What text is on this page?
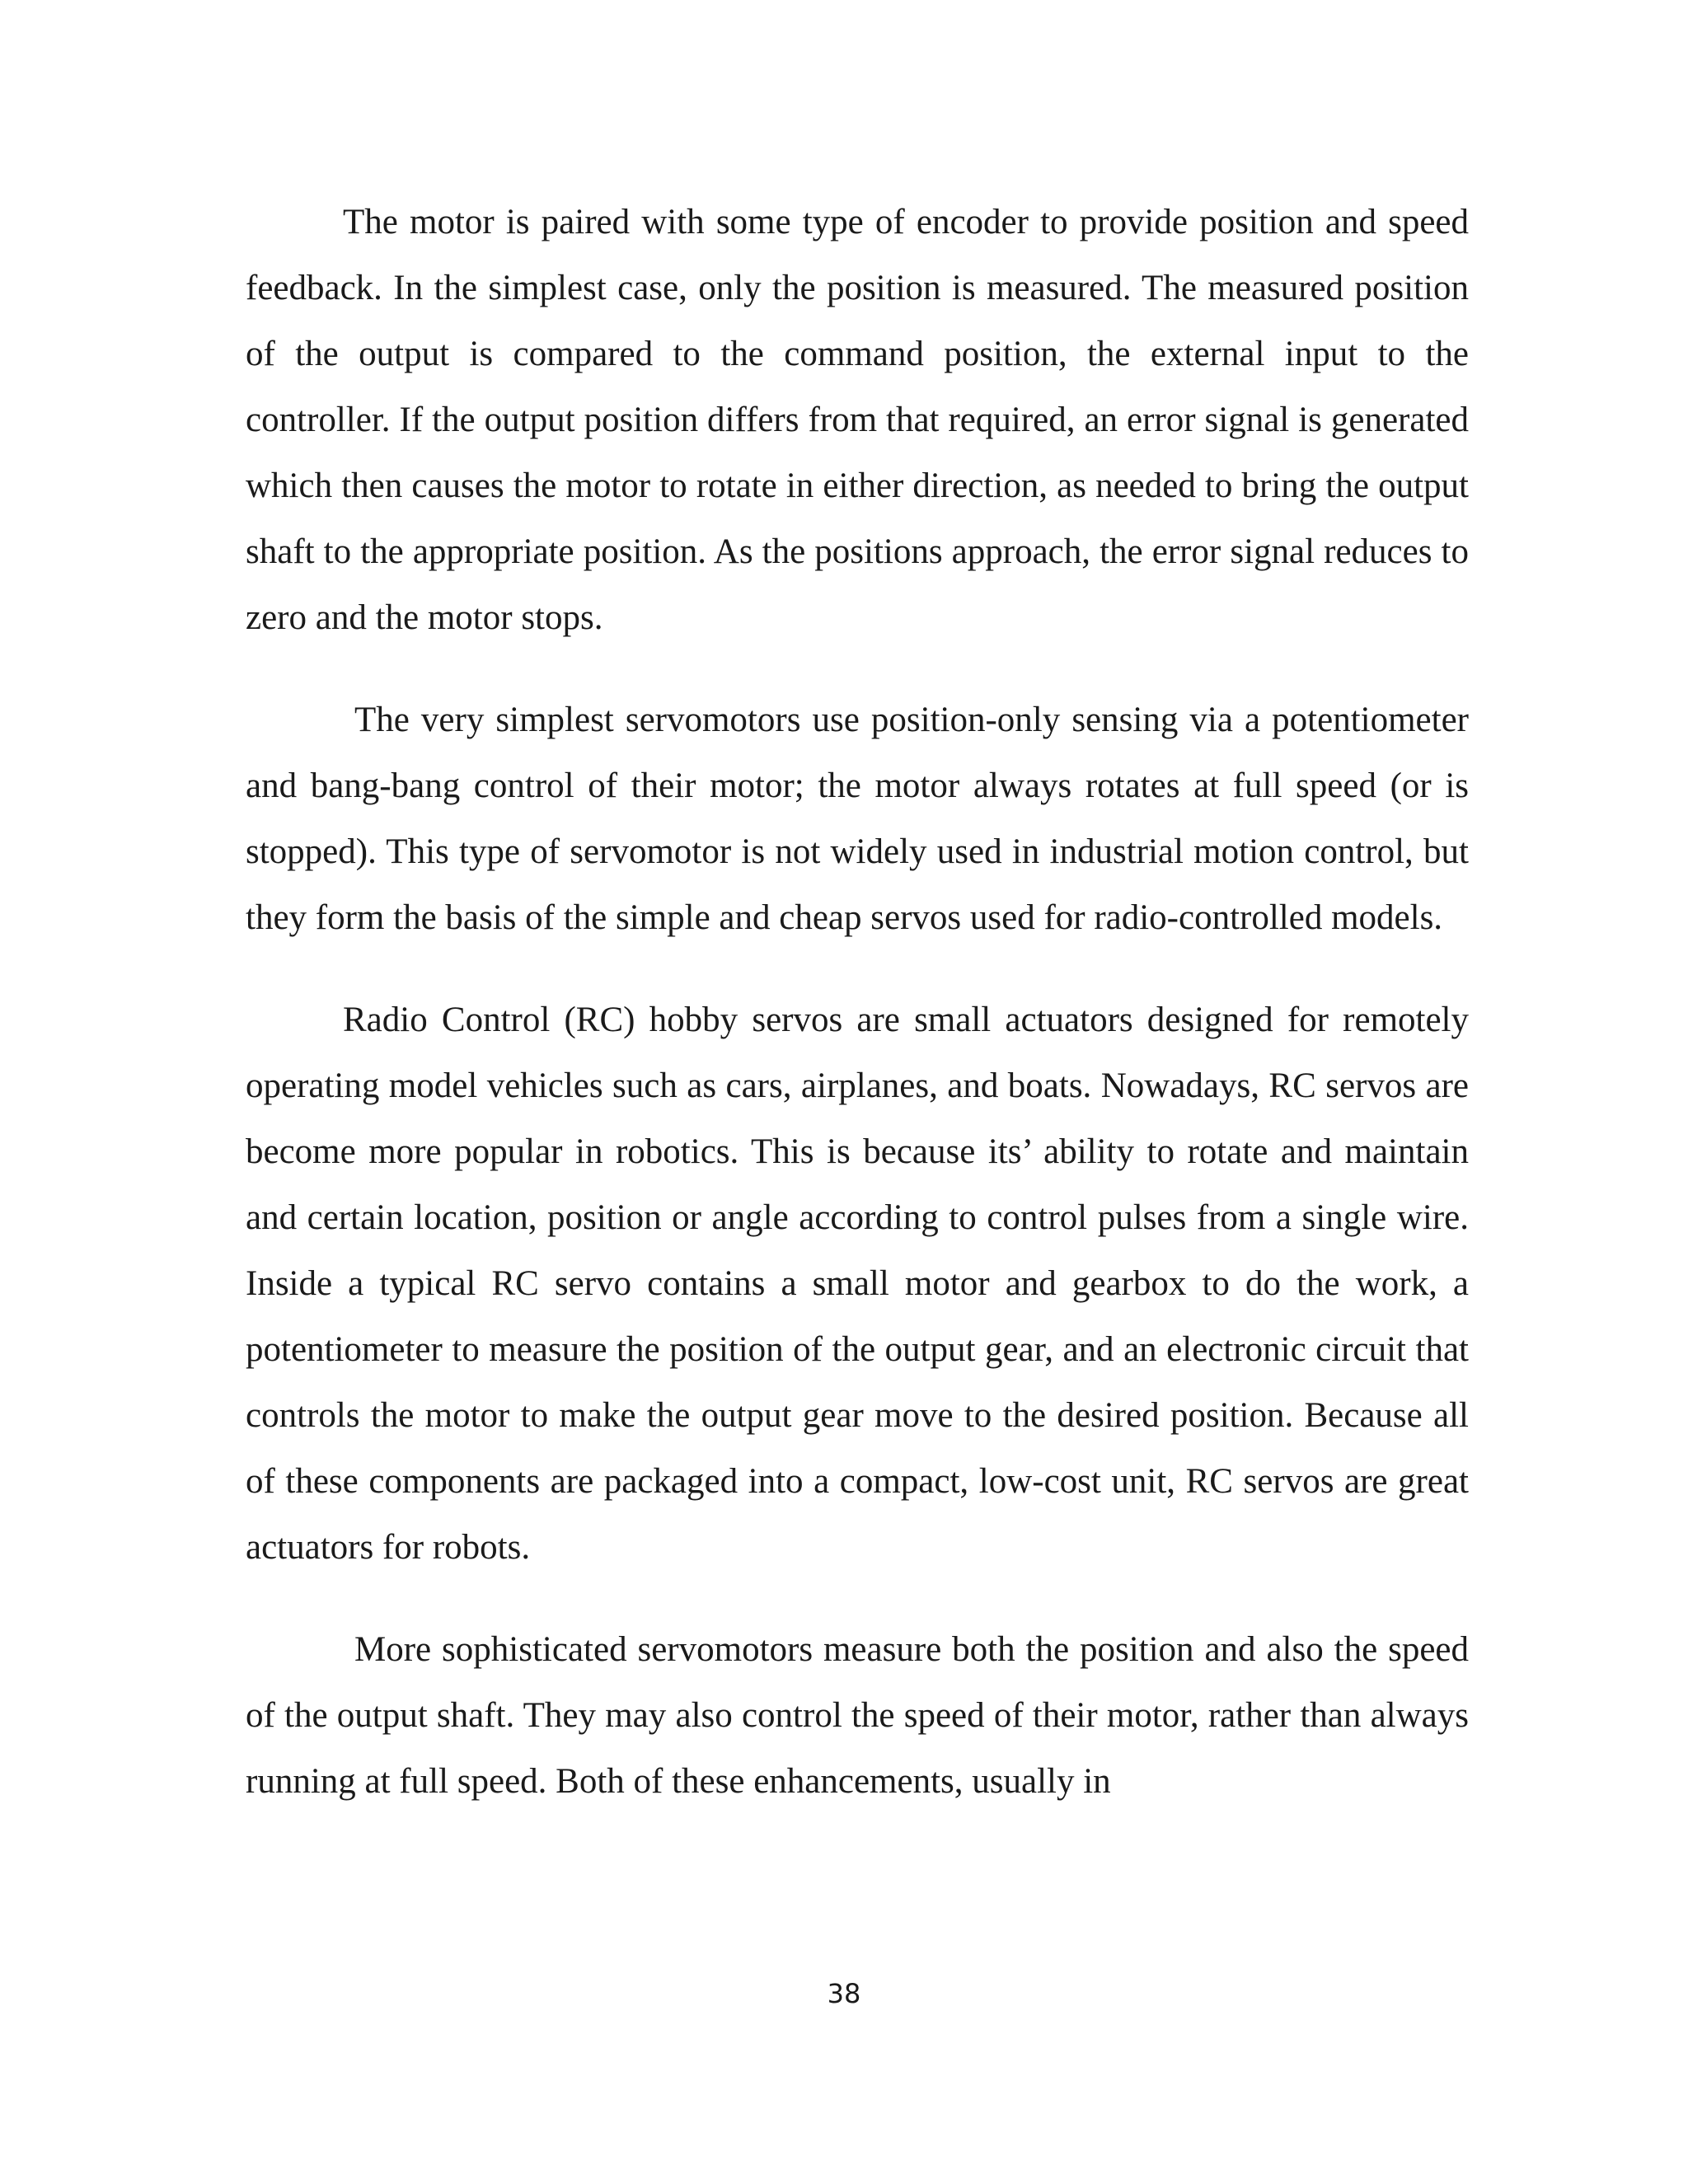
The motor is paired with some type of encoder to provide position and speed feedback. In the simplest case, only the position is measured. The measured position of the output is compared to the command position, the external input to the controller. If the output position differs from that required, an error signal is generated which then causes the motor to rotate in either direction, as needed to bring the output shaft to the appropriate position. As the positions approach, the error signal reduces to zero and the motor stops.

The very simplest servomotors use position-only sensing via a potentiometer and bang-bang control of their motor; the motor always rotates at full speed (or is stopped). This type of servomotor is not widely used in industrial motion control, but they form the basis of the simple and cheap servos used for radio-controlled models.

Radio Control (RC) hobby servos are small actuators designed for remotely operating model vehicles such as cars, airplanes, and boats. Nowadays, RC servos are become more popular in robotics. This is because its’ ability to rotate and maintain and certain location, position or angle according to control pulses from a single wire. Inside a typical RC servo contains a small motor and gearbox to do the work, a potentiometer to measure the position of the output gear, and an electronic circuit that controls the motor to make the output gear move to the desired position. Because all of these components are packaged into a compact, low-cost unit, RC servos are great actuators for robots.

More sophisticated servomotors measure both the position and also the speed of the output shaft. They may also control the speed of their motor, rather than always running at full speed. Both of these enhancements, usually in

38
